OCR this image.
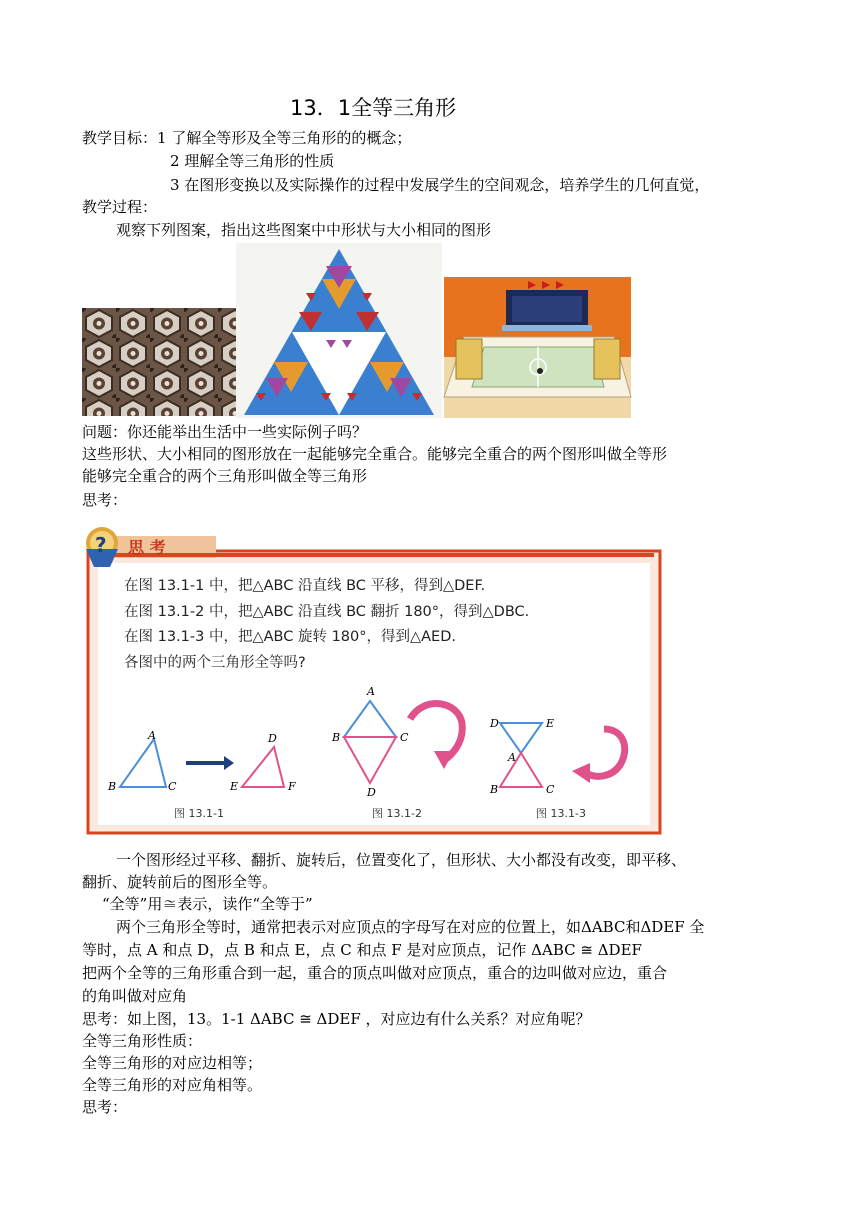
13．1全等三角形
教学目标：1 了解全等形及全等三角形的的概念；
2 理解全等三角形的性质
3 在图形变换以及实际操作的过程中发展学生的空间观念，培养学生的几何直觉，
教学过程：
观察下列图案，指出这些图案中中形状与大小相同的图形
问题：你还能举出生活中一些实际例子吗？
这些形状、大小相同的图形放在一起能够完全重合。能够完全重合的两个图形叫做全等形
能够完全重合的两个三角形叫做全等三角形
思考：
? 思 考
在图 13.1-1 中，把△ABC 沿直线 BC 平移，得到△DEF.
在图 13.1-2 中，把△ABC 沿直线 BC 翻折 180°，得到△DBC.
在图 13.1-3 中，把△ABC 旋转 180°，得到△AED.
各图中的两个三角形全等吗?
A
B	C
D
E	F
A
B	C
D
D	E
A
B	C
图 13.1-1	图 13.1-2	图 13.1-3
一个图形经过平移、翻折、旋转后，位置变化了，但形状、大小都没有改变，即平移、
翻折、旋转前后的图形全等。
“全等”用≅表示，读作“全等于”
两个三角形全等时，通常把表示对应顶点的字母写在对应的位置上，如ΔABC和ΔDEF 全
等时，点 A 和点 D，点 B 和点 E，点 C 和点 F 是对应顶点，记作 ΔABC ≅ ΔDEF
把两个全等的三角形重合到一起，重合的顶点叫做对应顶点，重合的边叫做对应边，重合
的角叫做对应角
思考：如上图，13。1-1 ΔABC ≅ ΔDEF ，对应边有什么关系？对应角呢？
全等三角形性质：
全等三角形的对应边相等；
全等三角形的对应角相等。
思考：
